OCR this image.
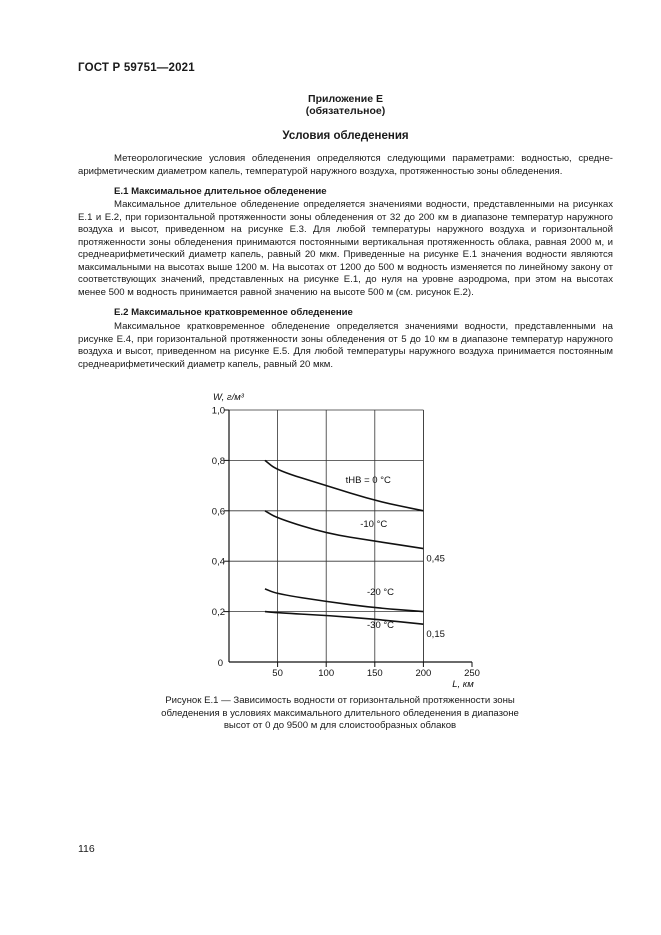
ГОСТ Р 59751—2021
Приложение Е
(обязательное)
Условия обледенения
Метеорологические условия обледенения определяются следующими параметрами: водностью, средне-арифметическим диаметром капель, температурой наружного воздуха, протяженностью зоны обледенения.
Е.1 Максимальное длительное обледенение
Максимальное длительное обледенение определяется значениями водности, представленными на рисунках Е.1 и Е.2, при горизонтальной протяженности зоны обледенения от 32 до 200 км в диапазоне температур наружного воздуха и высот, приведенном на рисунке Е.3. Для любой температуры наружного воздуха и горизонтальной протяженности зоны обледенения принимаются постоянными вертикальная протяженность облака, равная 2000 м, и среднеарифметический диаметр капель, равный 20 мкм. Приведенные на рисунке Е.1 значения водности являются максимальными на высотах выше 1200 м. На высотах от 1200 до 500 м водность изменяется по линейному закону от соответствующих значений, представленных на рисунке Е.1, до нуля на уровне аэродрома, при этом на высотах менее 500 м водность принимается равной значению на высоте 500 м (см. рисунок Е.2).
Е.2 Максимальное кратковременное обледенение
Максимальное кратковременное обледенение определяется значениями водности, представленными на рисунке Е.4, при горизонтальной протяженности зоны обледенения от 5 до 10 км в диапазоне температур наружного воздуха и высот, приведенном на рисунке Е.5. Для любой температуры наружного воздуха принимается постоянным среднеарифметический диаметр капель, равный 20 мкм.
50	100	150	200	250
0,2
0,4
0,6
0,8
1,0
0
W, г/м³
L, км
tНВ = 0 °C
-10 °C
0,45
-20 °C
-30 °C
0,15
Рисунок Е.1 — Зависимость водности от горизонтальной протяженности зоны обледенения в условиях максимального длительного обледенения в диапазоне высот от 0 до 9500 м для слоистообразных облаков
116
